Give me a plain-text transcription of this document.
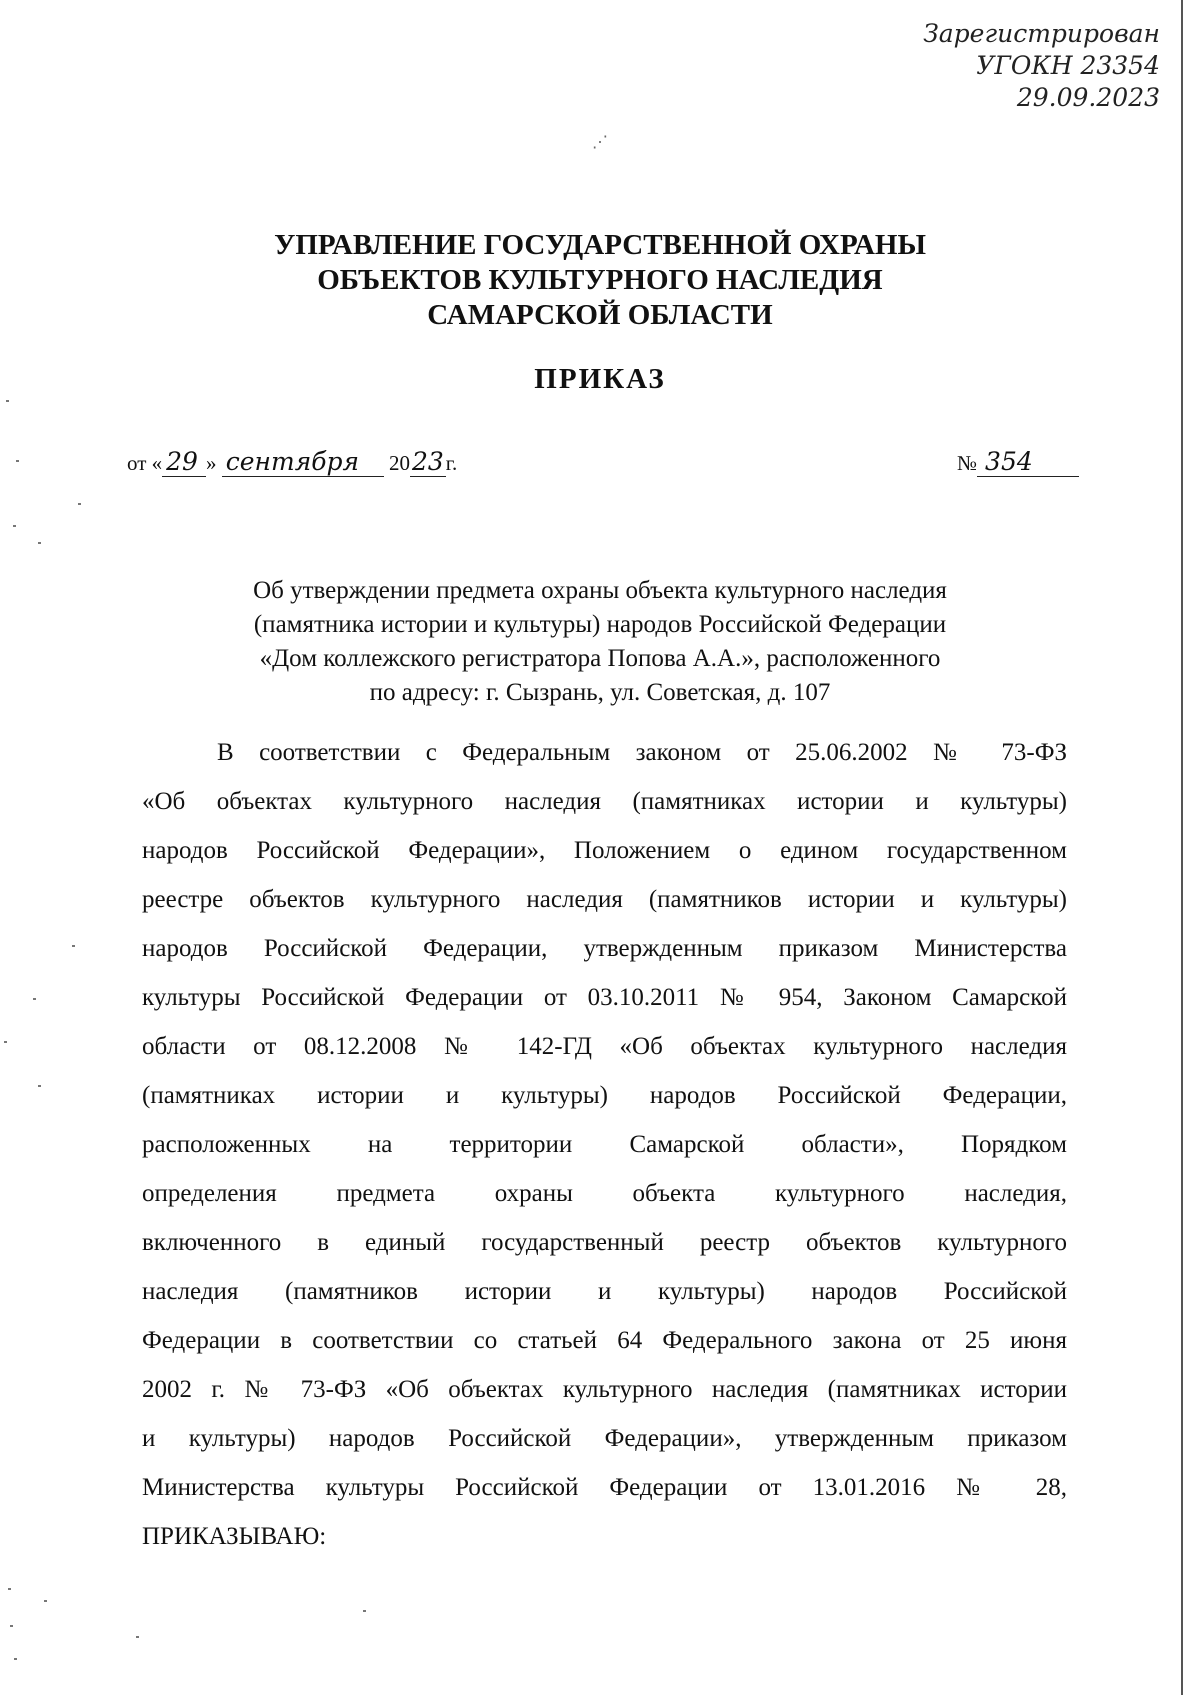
Зарегистрирован
УГОКН 23354
29.09.2023
⋰
УПРАВЛЕНИЕ ГОСУДАРСТВЕННОЙ ОХРАНЫ
ОБЪЕКТОВ КУЛЬТУРНОГО НАСЛЕДИЯ
САМАРСКОЙ ОБЛАСТИ
ПРИКАЗ
от « 29 » сентября 2023г.	№ 354
Об утверждении предмета охраны объекта культурного наследия
(памятника истории и культуры) народов Российской Федерации
«Дом коллежского регистратора Попова А.А.», расположенного
по адресу: г. Сызрань, ул. Советская, д. 107
В соответствии с Федеральным законом от 25.06.2002 № 73-ФЗ
«Об объектах культурного наследия (памятниках истории и культуры)
народов Российской Федерации», Положением о едином государственном
реестре объектов культурного наследия (памятников истории и культуры)
народов Российской Федерации, утвержденным приказом Министерства
культуры Российской Федерации от 03.10.2011 № 954, Законом Самарской
области от 08.12.2008 № 142-ГД «Об объектах культурного наследия
(памятниках истории и культуры) народов Российской Федерации,
расположенных на территории Самарской области», Порядком
определения предмета охраны объекта культурного наследия,
включенного в единый государственный реестр объектов культурного
наследия (памятников истории и культуры) народов Российской
Федерации в соответствии со статьей 64 Федерального закона от 25 июня
2002 г. № 73-ФЗ «Об объектах культурного наследия (памятниках истории
и культуры) народов Российской Федерации», утвержденным приказом
Министерства культуры Российской Федерации от 13.01.2016 № 28,
ПРИКАЗЫВАЮ:
